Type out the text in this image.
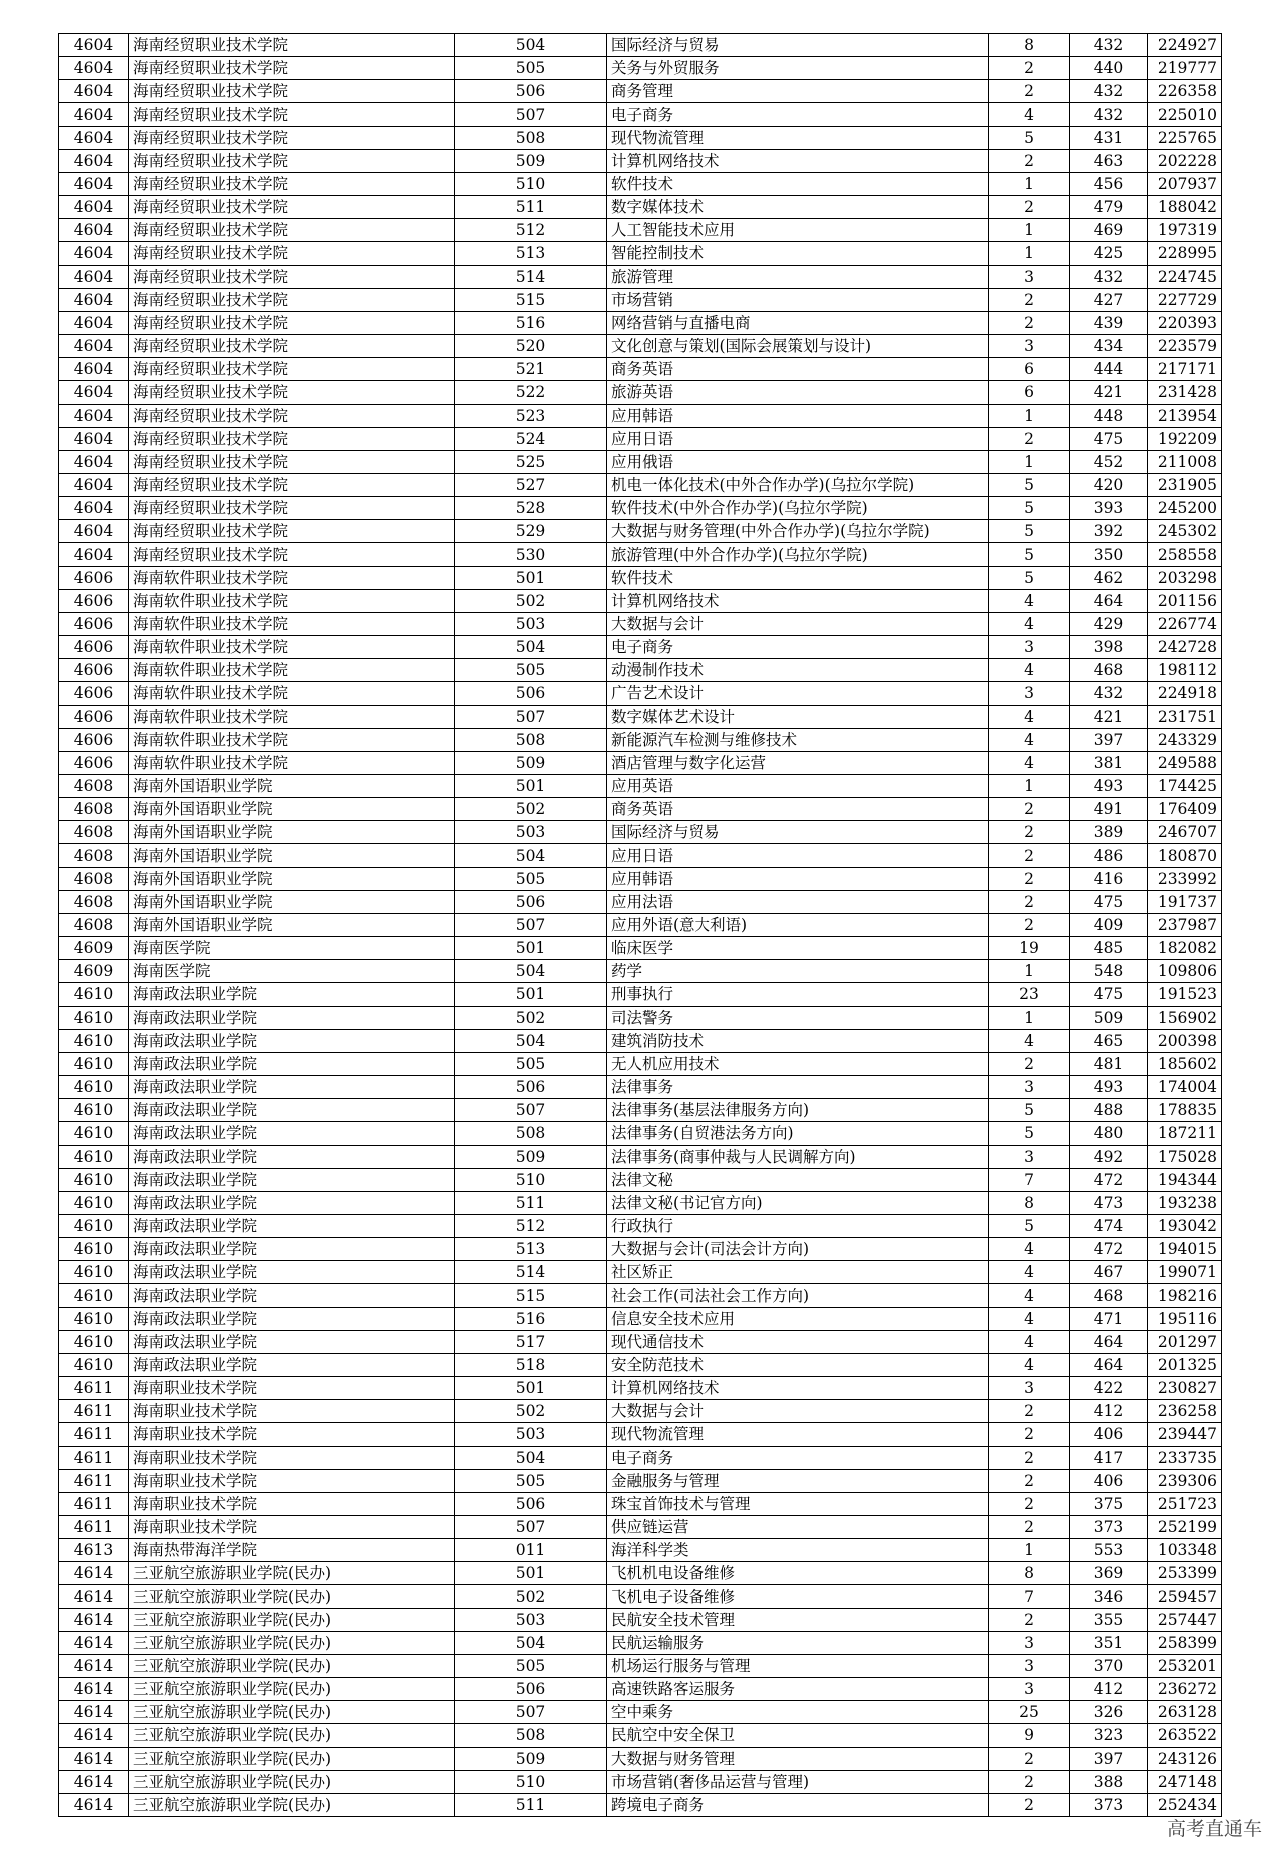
4604	海南经贸职业技术学院	504	国际经济与贸易	8	432	224927
4604	海南经贸职业技术学院	505	关务与外贸服务	2	440	219777
4604	海南经贸职业技术学院	506	商务管理	2	432	226358
4604	海南经贸职业技术学院	507	电子商务	4	432	225010
4604	海南经贸职业技术学院	508	现代物流管理	5	431	225765
4604	海南经贸职业技术学院	509	计算机网络技术	2	463	202228
4604	海南经贸职业技术学院	510	软件技术	1	456	207937
4604	海南经贸职业技术学院	511	数字媒体技术	2	479	188042
4604	海南经贸职业技术学院	512	人工智能技术应用	1	469	197319
4604	海南经贸职业技术学院	513	智能控制技术	1	425	228995
4604	海南经贸职业技术学院	514	旅游管理	3	432	224745
4604	海南经贸职业技术学院	515	市场营销	2	427	227729
4604	海南经贸职业技术学院	516	网络营销与直播电商	2	439	220393
4604	海南经贸职业技术学院	520	文化创意与策划(国际会展策划与设计)	3	434	223579
4604	海南经贸职业技术学院	521	商务英语	6	444	217171
4604	海南经贸职业技术学院	522	旅游英语	6	421	231428
4604	海南经贸职业技术学院	523	应用韩语	1	448	213954
4604	海南经贸职业技术学院	524	应用日语	2	475	192209
4604	海南经贸职业技术学院	525	应用俄语	1	452	211008
4604	海南经贸职业技术学院	527	机电一体化技术(中外合作办学)(乌拉尔学院)	5	420	231905
4604	海南经贸职业技术学院	528	软件技术(中外合作办学)(乌拉尔学院)	5	393	245200
4604	海南经贸职业技术学院	529	大数据与财务管理(中外合作办学)(乌拉尔学院)	5	392	245302
4604	海南经贸职业技术学院	530	旅游管理(中外合作办学)(乌拉尔学院)	5	350	258558
4606	海南软件职业技术学院	501	软件技术	5	462	203298
4606	海南软件职业技术学院	502	计算机网络技术	4	464	201156
4606	海南软件职业技术学院	503	大数据与会计	4	429	226774
4606	海南软件职业技术学院	504	电子商务	3	398	242728
4606	海南软件职业技术学院	505	动漫制作技术	4	468	198112
4606	海南软件职业技术学院	506	广告艺术设计	3	432	224918
4606	海南软件职业技术学院	507	数字媒体艺术设计	4	421	231751
4606	海南软件职业技术学院	508	新能源汽车检测与维修技术	4	397	243329
4606	海南软件职业技术学院	509	酒店管理与数字化运营	4	381	249588
4608	海南外国语职业学院	501	应用英语	1	493	174425
4608	海南外国语职业学院	502	商务英语	2	491	176409
4608	海南外国语职业学院	503	国际经济与贸易	2	389	246707
4608	海南外国语职业学院	504	应用日语	2	486	180870
4608	海南外国语职业学院	505	应用韩语	2	416	233992
4608	海南外国语职业学院	506	应用法语	2	475	191737
4608	海南外国语职业学院	507	应用外语(意大利语)	2	409	237987
4609	海南医学院	501	临床医学	19	485	182082
4609	海南医学院	504	药学	1	548	109806
4610	海南政法职业学院	501	刑事执行	23	475	191523
4610	海南政法职业学院	502	司法警务	1	509	156902
4610	海南政法职业学院	504	建筑消防技术	4	465	200398
4610	海南政法职业学院	505	无人机应用技术	2	481	185602
4610	海南政法职业学院	506	法律事务	3	493	174004
4610	海南政法职业学院	507	法律事务(基层法律服务方向)	5	488	178835
4610	海南政法职业学院	508	法律事务(自贸港法务方向)	5	480	187211
4610	海南政法职业学院	509	法律事务(商事仲裁与人民调解方向)	3	492	175028
4610	海南政法职业学院	510	法律文秘	7	472	194344
4610	海南政法职业学院	511	法律文秘(书记官方向)	8	473	193238
4610	海南政法职业学院	512	行政执行	5	474	193042
4610	海南政法职业学院	513	大数据与会计(司法会计方向)	4	472	194015
4610	海南政法职业学院	514	社区矫正	4	467	199071
4610	海南政法职业学院	515	社会工作(司法社会工作方向)	4	468	198216
4610	海南政法职业学院	516	信息安全技术应用	4	471	195116
4610	海南政法职业学院	517	现代通信技术	4	464	201297
4610	海南政法职业学院	518	安全防范技术	4	464	201325
4611	海南职业技术学院	501	计算机网络技术	3	422	230827
4611	海南职业技术学院	502	大数据与会计	2	412	236258
4611	海南职业技术学院	503	现代物流管理	2	406	239447
4611	海南职业技术学院	504	电子商务	2	417	233735
4611	海南职业技术学院	505	金融服务与管理	2	406	239306
4611	海南职业技术学院	506	珠宝首饰技术与管理	2	375	251723
4611	海南职业技术学院	507	供应链运营	2	373	252199
4613	海南热带海洋学院	011	海洋科学类	1	553	103348
4614	三亚航空旅游职业学院(民办)	501	飞机机电设备维修	8	369	253399
4614	三亚航空旅游职业学院(民办)	502	飞机电子设备维修	7	346	259457
4614	三亚航空旅游职业学院(民办)	503	民航安全技术管理	2	355	257447
4614	三亚航空旅游职业学院(民办)	504	民航运输服务	3	351	258399
4614	三亚航空旅游职业学院(民办)	505	机场运行服务与管理	3	370	253201
4614	三亚航空旅游职业学院(民办)	506	高速铁路客运服务	3	412	236272
4614	三亚航空旅游职业学院(民办)	507	空中乘务	25	326	263128
4614	三亚航空旅游职业学院(民办)	508	民航空中安全保卫	9	323	263522
4614	三亚航空旅游职业学院(民办)	509	大数据与财务管理	2	397	243126
4614	三亚航空旅游职业学院(民办)	510	市场营销(奢侈品运营与管理)	2	388	247148
4614	三亚航空旅游职业学院(民办)	511	跨境电子商务	2	373	252434
高考直通车
